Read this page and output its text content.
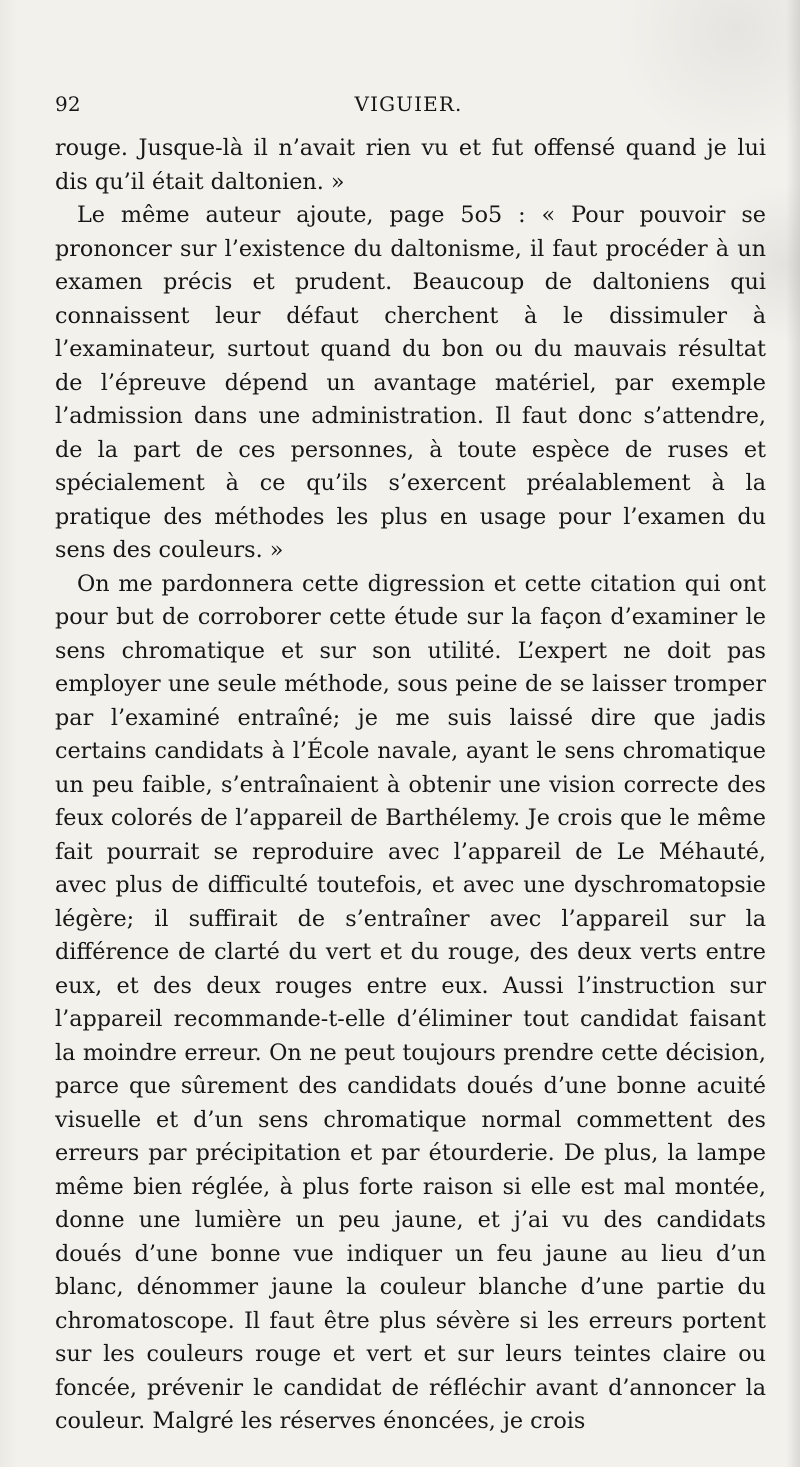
92	VIGUIER.

rouge. Jusque-là il n’avait rien vu et fut offensé quand je lui dis qu’il était daltonien. »

Le même auteur ajoute, page 5o5 : « Pour pouvoir se prononcer sur l’existence du daltonisme, il faut procéder à un examen précis et prudent. Beaucoup de daltoniens qui connaissent leur défaut cherchent à le dissimuler à l’examinateur, surtout quand du bon ou du mauvais résultat de l’épreuve dépend un avantage matériel, par exemple l’admission dans une administration. Il faut donc s’attendre, de la part de ces personnes, à toute espèce de ruses et spécialement à ce qu’ils s’exercent préalablement à la pratique des méthodes les plus en usage pour l’examen du sens des couleurs. »

On me pardonnera cette digression et cette citation qui ont pour but de corroborer cette étude sur la façon d’examiner le sens chromatique et sur son utilité. L’expert ne doit pas employer une seule méthode, sous peine de se laisser tromper par l’examiné entraîné; je me suis laissé dire que jadis certains candidats à l’École navale, ayant le sens chromatique un peu faible, s’entraînaient à obtenir une vision correcte des feux colorés de l’appareil de Barthélemy. Je crois que le même fait pourrait se reproduire avec l’appareil de Le Méhauté, avec plus de difficulté toutefois, et avec une dyschromatopsie légère; il suffirait de s’entraîner avec l’appareil sur la différence de clarté du vert et du rouge, des deux verts entre eux, et des deux rouges entre eux. Aussi l’instruction sur l’appareil recommande-t-elle d’éliminer tout candidat faisant la moindre erreur. On ne peut toujours prendre cette décision, parce que sûrement des candidats doués d’une bonne acuité visuelle et d’un sens chromatique normal commettent des erreurs par précipitation et par étourderie. De plus, la lampe même bien réglée, à plus forte raison si elle est mal montée, donne une lumière un peu jaune, et j’ai vu des candidats doués d’une bonne vue indiquer un feu jaune au lieu d’un blanc, dénommer jaune la couleur blanche d’une partie du chromatoscope. Il faut être plus sévère si les erreurs portent sur les couleurs rouge et vert et sur leurs teintes claire ou foncée, prévenir le candidat de réfléchir avant d’annoncer la couleur. Malgré les réserves énoncées, je crois
